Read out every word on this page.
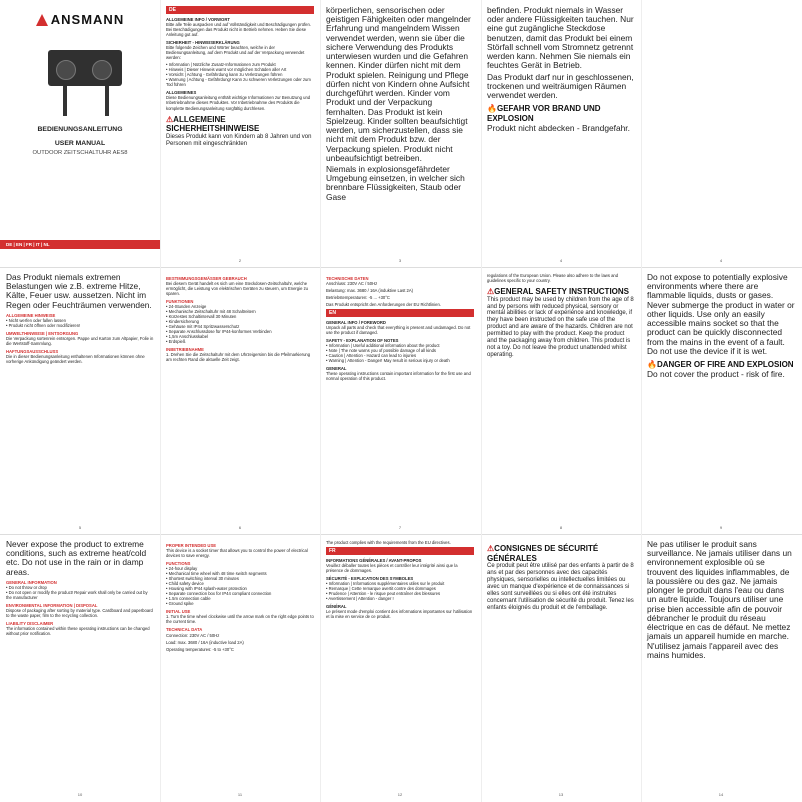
ANSMANN
BEDIENUNGSANLEITUNG
USER MANUAL
OUTDOOR ZEITSCHALTUHR AES8
DE | EN | FR | IT | NL
DE
ALLGEMEINE INFO / VORWORT

Bitte alle Teile auspacken und auf Vollständigkeit und Beschädigungen prüfen. Bei Beschädigungen das Produkt nicht in Betrieb nehmen. Heben Sie diese Anleitung gut auf.

SICHERHEIT - HINWEISERKLÄRUNG

Bitte folgende Zeichen und Wörter beachten, welche in der Bedienungsanleitung, auf dem Produkt und auf der Verpackung verwendet werden:

• Information | Nützliche Zusatz-Informationen zum Produkt
• Hinweis | Dieser Hinweis warnt vor möglichen Schäden aller Art
• Vorsicht | Achtung - Gefährdung kann zu Verletzungen führen
• Warnung | Achtung - Gefährdung! Kann zu schweren Verletzungen oder zum Tod führen
ALLGEMEINES

Diese Bedienungsanleitung enthält wichtige Informationen zur Benutzung und Inbetriebnahme dieses Produktes. Vor Inbetriebnahme des Produkts die komplette Bedienungsanleitung sorgfältig durchlesen.

⚠ALLGEMEINE SICHERHEITSHINWEISE

Dieses Produkt kann von Kindern ab 8 Jahren und von Personen mit eingeschränkten

2

körperlichen, sensorischen oder geistigen Fähigkeiten oder mangelnder Erfahrung und mangelndem Wissen verwendet werden, wenn sie über die sichere Verwendung des Produkts unterwiesen wurden und die Gefahren kennen. Kinder dürfen nicht mit dem Produkt spielen. Reinigung und Pflege dürfen nicht von Kindern ohne Aufsicht durchgeführt werden. Kinder vom Produkt und der Verpackung fernhalten. Das Produkt ist kein Spielzeug. Kinder sollten beaufsichtigt werden, um sicherzustellen, dass sie nicht mit dem Produkt bzw. der Verpackung spielen. Produkt nicht unbeaufsichtigt betreiben.

Niemals in explosionsgefährdeter Umgebung einsetzen, in welcher sich brennbare Flüssigkeiten, Staub oder Gase

3

befinden. Produkt niemals in Wasser oder andere Flüssigkeiten tauchen. Nur eine gut zugängliche Steckdose benutzen, damit das Produkt bei einem Störfall schnell vom Stromnetz getrennt werden kann. Nehmen Sie niemals ein feuchtes Gerät in Betrieb.

Das Produkt darf nur in geschlossenen, trockenen und weiträumigen Räumen verwendet werden.

🔥GEFAHR VOR BRAND UND EXPLOSION

Produkt nicht abdecken - Brandgefahr.

4	4

Das Produkt niemals extremen Belastungen wie z.B. extreme Hitze, Kälte, Feuer usw. aussetzen. Nicht im Regen oder Feuchträumen verwenden.

ALLGEMEINE HINWEISE
• Nicht werfen oder fallen lassen
• Produkt nicht öffnen oder modifizieren!
UMWELTHINWEISE | ENTSORGUNG

Die Verpackung sortenrein entsorgen. Pappe und Karton zum Altpapier, Folie in die Wertstoff-Sammlung.

HAFTUNGSAUSSCHLUSS

Die in dieser Bedienungsanleitung enthaltenen Informationen können ohne vorherige Ankündigung geändert werden.

5
BESTIMMUNGSGEMÄSSER GEBRAUCH

Bei diesem Gerät handelt es sich um eine Steckdosen-Zeitschaltuhr, welche ermöglicht, die Leistung von elektrischen Geräten zu steuern, um Energie zu sparen.

FUNKTIONEN
• 24-Stunden Anzeige
• Mechanische Zeitschaltuhr mit 48 Schaltreitern
• Kürzestes Schaltintervall 30 Minuten
• Kindersicherung
• Gehäuse mit IP44 Spritzwasserschutz
• Separate Anschlussdose für IP44-konformes Verbinden
• 1,5m Anschlusskabel
• Erdspieß
INBETRIEBNAHME

1. Drehen Sie die Zeitschaltuhr mit dem Uhrzeigersinn bis die Pfeilmarkierung am rechten Rand die aktuelle Zeit zeigt.

6
TECHNISCHE DATEN

Anschluss: 230V AC / 50Hz

Belastung: max. 3680 / 16A (induktive Last 2A)

Betriebstemperaturen: -5 ... +30°C

Das Produkt entspricht den Anforderungen der EU Richtlinien.

EN
GENERAL INFO / FOREWORD

Unpack all parts and check that everything is present and undamaged. Do not use the product if damaged.

SAFETY - EXPLANATION OF NOTES
• Information | Useful additional information about the product
• Note | The note warns you of possible damage of all kinds
• Caution | Attention - Hazard can lead to injuries
• Warning | Attention - Danger! May result in serious injury or death
GENERAL

These operating instructions contain important information for the first use and normal operation of this product.

7

regulations of the European Union. Please also adhere to the laws and guidelines specific to your country.

⚠GENERAL SAFETY INSTRUCTIONS

This product may be used by children from the age of 8 and by persons with reduced physical, sensory or mental abilities or lack of experience and knowledge, if they have been instructed on the safe use of the product and are aware of the hazards. Children are not permitted to play with the product. Keep the product and the packaging away from children. This product is not a toy. Do not leave the product unattended whilst operating.

8

Do not expose to potentially explosive environments where there are flammable liquids, dusts or gases. Never submerge the product in water or other liquids. Use only an easily accessible mains socket so that the product can be quickly disconnected from the mains in the event of a fault. Do not use the device if it is wet.

🔥DANGER OF FIRE AND EXPLOSION

Do not cover the product - risk of fire.

9

Never expose the product to extreme conditions, such as extreme heat/cold etc. Do not use in the rain or in damp areas.

GENERAL INFORMATION
• Do not throw or drop
• Do not open or modify the product! Repair work shall only be carried out by the manufacturer
ENVIRONMENTAL INFORMATION | DISPOSAL

Dispose of packaging after sorting by material type. Cardboard and paperboard to the waste paper, film to the recycling collection.

LIABILITY DISCLAIMER

The information contained within these operating instructions can be changed without prior notification.

10
PROPER INTENDED USE

This device is a socket timer that allows you to control the power of electrical devices to save energy.

FUNCTIONS
• 24-hour display
• Mechanical time wheel with 48 time switch segments
• Shortest switching interval 30 minutes
• Child safety device
• Housing with IP44 splash-water protection
• Separate connection box for IP44 compliant connection
• 1.5m connection cable
• Ground spike
INITIAL USE

1. Turn the time wheel clockwise until the arrow mark on the right edge points to the current time.

TECHNICAL DATA

Connection: 230V AC / 50Hz

Load: max. 3680 / 16A (inductive load 2A)

Operating temperatures: -5 to +30°C

11

The product complies with the requirements from the EU directives.

FR
INFORMATIONS GÉNÉRALES / AVANT-PROPOS

Veuillez déballer toutes les pièces et contrôler leur intégrité ainsi que la présence de dommages.

SÉCURITÉ - EXPLICATION DES SYMBOLES
• Information | Informations supplémentaires utiles sur le produit
• Remarque | Cette remarque avertit contre des dommages
• Prudence | Attention - le risque peut entraîner des blessures
• Avertissement | Attention - danger !
GÉNÉRAL

Le présent mode d'emploi contient des informations importantes sur l'utilisation et la mise en service de ce produit.

12
⚠CONSIGNES DE SÉCURITÉ GÉNÉRALES

Ce produit peut être utilisé par des enfants à partir de 8 ans et par des personnes avec des capacités physiques, sensorielles ou intellectuelles limitées ou avec un manque d'expérience et de connaissances si elles sont surveillées ou si elles ont été instruites concernant l'utilisation de sécurité du produit. Tenez les enfants éloignés du produit et de l'emballage.

13

Ne pas utiliser le produit sans surveillance. Ne jamais utiliser dans un environnement explosible où se trouvent des liquides inflammables, de la poussière ou des gaz. Ne jamais plonger le produit dans l'eau ou dans un autre liquide. Toujours utiliser une prise bien accessible afin de pouvoir débrancher le produit du réseau électrique en cas de défaut. Ne mettez jamais un appareil humide en marche. N'utilisez jamais l'appareil avec des mains humides.

14
